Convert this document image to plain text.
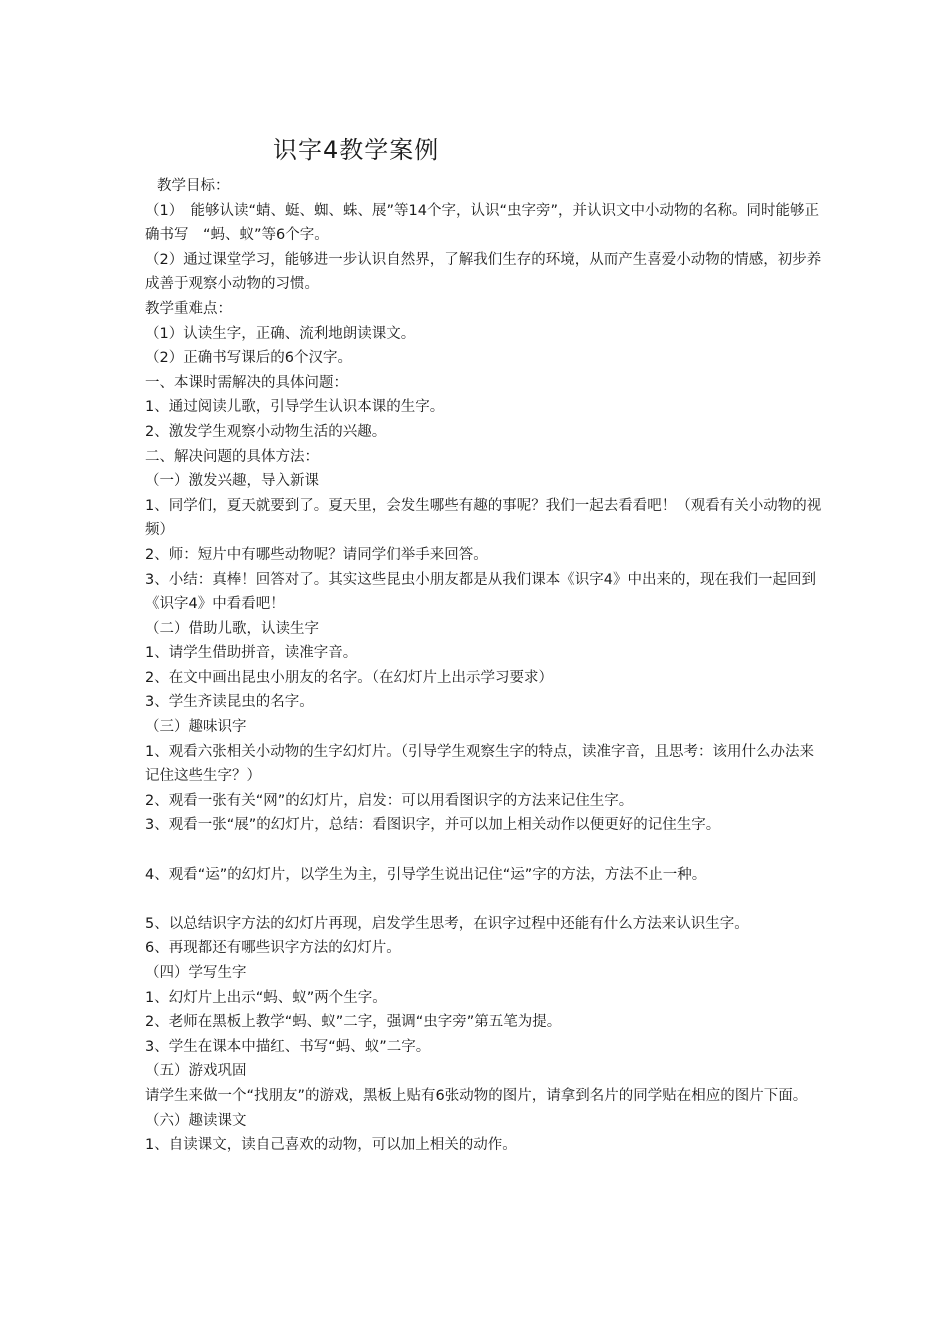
识字4教学案例

教学目标：

（1）　能够认读“蜻、蜓、蜘、蛛、展”等14个字，认识“虫字旁”，并认识文中小动物的名称。同时能够正确书写　“蚂、蚁”等6个字。

（2）通过课堂学习，能够进一步认识自然界，了解我们生存的环境，从而产生喜爱小动物的情感，初步养成善于观察小动物的习惯。

教学重难点：

（1）认读生字，正确、流利地朗读课文。

（2）正确书写课后的6个汉字。

一、本课时需解决的具体问题：

1、通过阅读儿歌，引导学生认识本课的生字。

2、激发学生观察小动物生活的兴趣。

二、解决问题的具体方法：

（一）激发兴趣，导入新课

1、同学们，夏天就要到了。夏天里，会发生哪些有趣的事呢？我们一起去看看吧！（观看有关小动物的视频）

2、师：短片中有哪些动物呢？请同学们举手来回答。

3、小结：真棒！回答对了。其实这些昆虫小朋友都是从我们课本《识字4》中出来的，现在我们一起回到《识字4》中看看吧！

（二）借助儿歌，认读生字

1、请学生借助拼音，读准字音。

2、在文中画出昆虫小朋友的名字。（在幻灯片上出示学习要求）

3、学生齐读昆虫的名字。

（三）趣味识字

1、观看六张相关小动物的生字幻灯片。（引导学生观察生字的特点，读准字音，且思考：该用什么办法来记住这些生字？）

2、观看一张有关“网”的幻灯片，启发：可以用看图识字的方法来记住生字。

3、观看一张“展”的幻灯片，总结：看图识字，并可以加上相关动作以便更好的记住生字。

4、观看“运”的幻灯片，以学生为主，引导学生说出记住“运”字的方法，方法不止一种。

5、以总结识字方法的幻灯片再现，启发学生思考，在识字过程中还能有什么方法来认识生字。

6、再现都还有哪些识字方法的幻灯片。

（四）学写生字

1、幻灯片上出示“蚂、蚁”两个生字。

2、老师在黑板上教学“蚂、蚁”二字，强调“虫字旁”第五笔为提。

3、学生在课本中描红、书写“蚂、蚁”二字。

（五）游戏巩固

请学生来做一个“找朋友”的游戏，黑板上贴有6张动物的图片，请拿到名片的同学贴在相应的图片下面。

（六）趣读课文

1、自读课文，读自己喜欢的动物，可以加上相关的动作。
